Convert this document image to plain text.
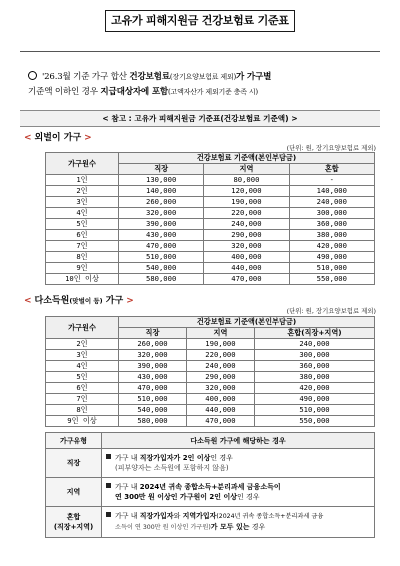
고유가 피해지원금 건강보험료 기준표
'26.3월 기준 가구 합산 건강보험료(장기요양보험료 제외)가 가구별
기준액 이하인 경우 지급대상자에 포함(고액자산가 제외기준 충족 시)
< 참고 : 고유가 피해지원금 기준표(건강보험료 기준액) >
< 외벌이 가구 >
(단위: 원, 장기요양보험료 제외)
가구원수	건강보험료 기준액(본인부담금)		
	직장	지역	혼합
1인	130,000	80,000	-
2인	140,000	120,000	140,000
3인	260,000	190,000	240,000
4인	320,000	220,000	300,000
5인	390,000	240,000	360,000
6인	430,000	290,000	380,000
7인	470,000	320,000	420,000
8인	510,000	400,000	490,000
9인	540,000	440,000	510,000
10인 이상	580,000	470,000	550,000
< 다소득원(맞벌이 등) 가구 >
(단위: 원, 장기요양보험료 제외)
가구원수	건강보험료 기준액(본인부담금)		
	직장	지역	혼합(직장+지역)
2인	260,000	190,000	240,000
3인	320,000	220,000	300,000
4인	390,000	240,000	360,000
5인	430,000	290,000	380,000
6인	470,000	320,000	420,000
7인	510,000	400,000	490,000
8인	540,000	440,000	510,000
9인 이상	580,000	470,000	550,000
가구유형	다소득원 가구에 해당하는 경우
직장	가구 내 직장가입자가 2인 이상인 경우
(피부양자는 소득원에 포함하지 않음)
지역	가구 내 2024년 귀속 종합소득+분리과세 금융소득이
연 300만 원 이상인 가구원이 2인 이상인 경우
혼합
(직장+지역)	가구 내 직장가입자와 지역가입자(2024년 귀속 종합소득+분리과세 금융
소득이 연 300만 원 이상인 가구원)가 모두 있는 경우
